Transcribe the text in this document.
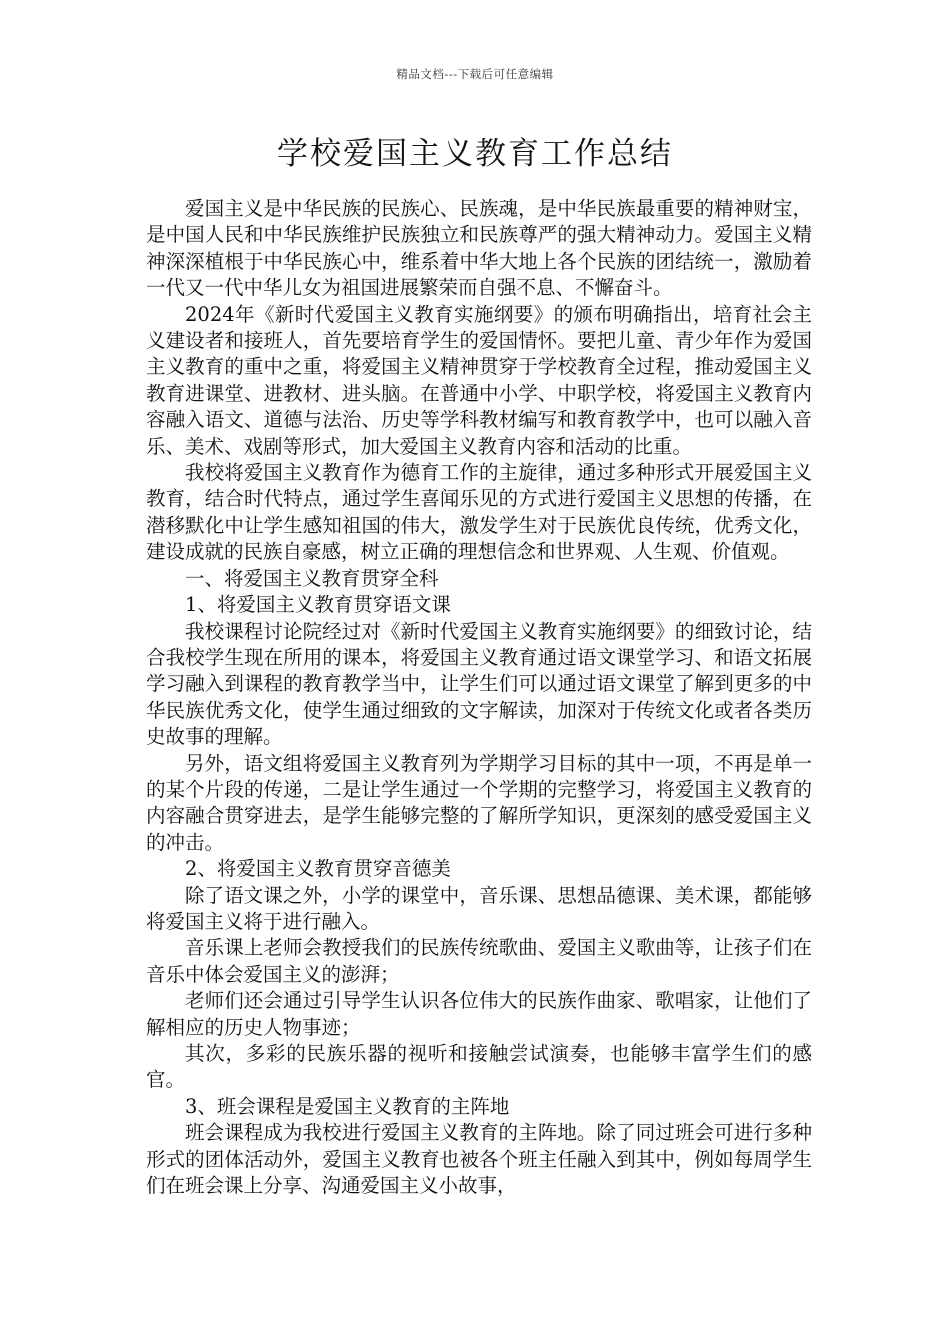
精品文档---下载后可任意编辑
学校爱国主义教育工作总结

爱国主义是中华民族的民族心、民族魂，是中华民族最重要的精神财宝，是中国人民和中华民族维护民族独立和民族尊严的强大精神动力。爱国主义精神深深植根于中华民族心中，维系着中华大地上各个民族的团结统一，激励着一代又一代中华儿女为祖国进展繁荣而自强不息、不懈奋斗。

2024年《新时代爱国主义教育实施纲要》的颁布明确指出，培育社会主义建设者和接班人，首先要培育学生的爱国情怀。要把儿童、青少年作为爱国主义教育的重中之重，将爱国主义精神贯穿于学校教育全过程，推动爱国主义教育进课堂、进教材、进头脑。在普通中小学、中职学校，将爱国主义教育内容融入语文、道德与法治、历史等学科教材编写和教育教学中，也可以融入音乐、美术、戏剧等形式，加大爱国主义教育内容和活动的比重。

我校将爱国主义教育作为德育工作的主旋律，通过多种形式开展爱国主义教育，结合时代特点，通过学生喜闻乐见的方式进行爱国主义思想的传播，在潜移默化中让学生感知祖国的伟大，激发学生对于民族优良传统，优秀文化，建设成就的民族自豪感，树立正确的理想信念和世界观、人生观、价值观。

一、将爱国主义教育贯穿全科

1、将爱国主义教育贯穿语文课

我校课程讨论院经过对《新时代爱国主义教育实施纲要》的细致讨论，结合我校学生现在所用的课本，将爱国主义教育通过语文课堂学习、和语文拓展学习融入到课程的教育教学当中，让学生们可以通过语文课堂了解到更多的中华民族优秀文化，使学生通过细致的文字解读，加深对于传统文化或者各类历史故事的理解。

另外，语文组将爱国主义教育列为学期学习目标的其中一项，不再是单一的某个片段的传递，二是让学生通过一个学期的完整学习，将爱国主义教育的内容融合贯穿进去，是学生能够完整的了解所学知识，更深刻的感受爱国主义的冲击。

2、将爱国主义教育贯穿音德美

除了语文课之外，小学的课堂中，音乐课、思想品德课、美术课，都能够将爱国主义将于进行融入。

音乐课上老师会教授我们的民族传统歌曲、爱国主义歌曲等，让孩子们在音乐中体会爱国主义的澎湃；

老师们还会通过引导学生认识各位伟大的民族作曲家、歌唱家，让他们了解相应的历史人物事迹；

其次，多彩的民族乐器的视听和接触尝试演奏，也能够丰富学生们的感官。

3、班会课程是爱国主义教育的主阵地

班会课程成为我校进行爱国主义教育的主阵地。除了同过班会可进行多种形式的团体活动外，爱国主义教育也被各个班主任融入到其中，例如每周学生们在班会课上分享、沟通爱国主义小故事，
